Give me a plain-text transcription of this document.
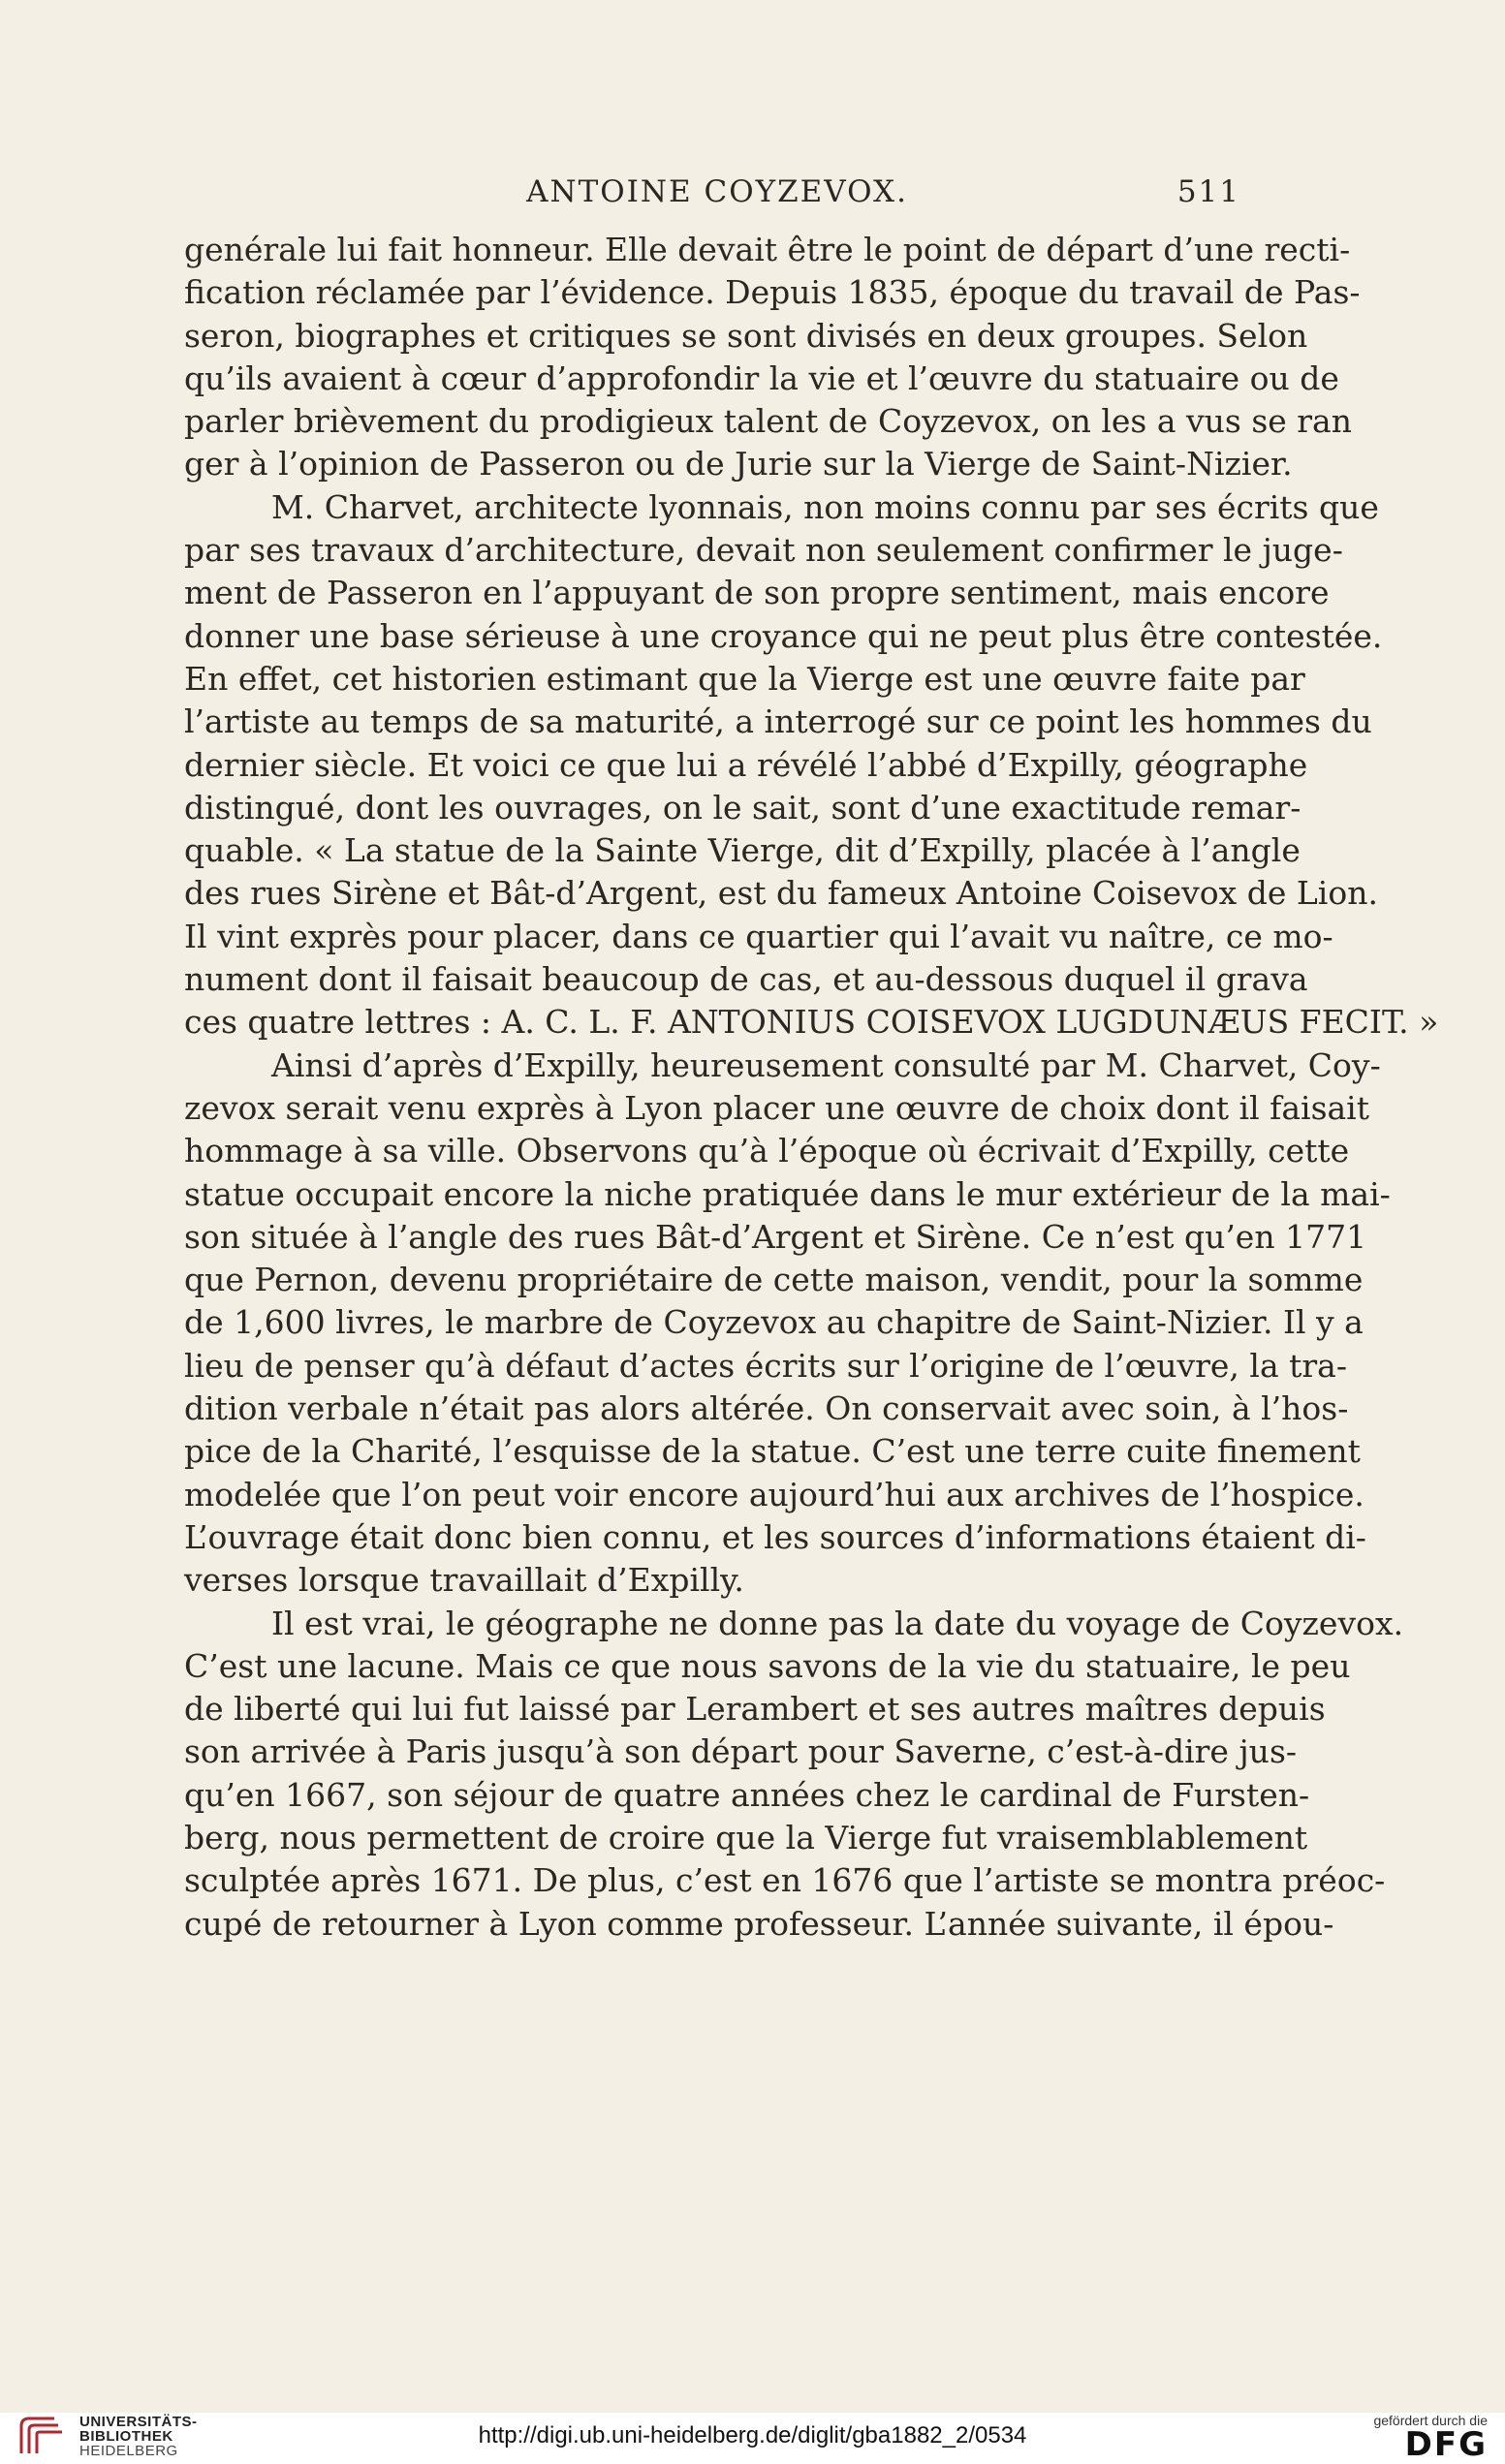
ANTOINE COYZEVOX.	511
genérale lui fait honneur. Elle devait être le point de départ d’une recti-
fication réclamée par l’évidence. Depuis 1835, époque du travail de Pas-
seron, biographes et critiques se sont divisés en deux groupes. Selon
qu’ils avaient à cœur d’approfondir la vie et l’œuvre du statuaire ou de
parler brièvement du prodigieux talent de Coyzevox, on les a vus se ran
ger à l’opinion de Passeron ou de Jurie sur la Vierge de Saint-Nizier.
M. Charvet, architecte lyonnais, non moins connu par ses écrits que
par ses travaux d’architecture, devait non seulement confirmer le juge-
ment de Passeron en l’appuyant de son propre sentiment, mais encore
donner une base sérieuse à une croyance qui ne peut plus être contestée.
En effet, cet historien estimant que la Vierge est une œuvre faite par
l’artiste au temps de sa maturité, a interrogé sur ce point les hommes du
dernier siècle. Et voici ce que lui a révélé l’abbé d’Expilly, géographe
distingué, dont les ouvrages, on le sait, sont d’une exactitude remar-
quable. « La statue de la Sainte Vierge, dit d’Expilly, placée à l’angle
des rues Sirène et Bât-d’Argent, est du fameux Antoine Coisevox de Lion.
Il vint exprès pour placer, dans ce quartier qui l’avait vu naître, ce mo-
nument dont il faisait beaucoup de cas, et au-dessous duquel il grava
ces quatre lettres : A. C. L. F. ANTONIUS COISEVOX LUGDUNÆUS FECIT. »
Ainsi d’après d’Expilly, heureusement consulté par M. Charvet, Coy-
zevox serait venu exprès à Lyon placer une œuvre de choix dont il faisait
hommage à sa ville. Observons qu’à l’époque où écrivait d’Expilly, cette
statue occupait encore la niche pratiquée dans le mur extérieur de la mai-
son située à l’angle des rues Bât-d’Argent et Sirène. Ce n’est qu’en 1771
que Pernon, devenu propriétaire de cette maison, vendit, pour la somme
de 1,600 livres, le marbre de Coyzevox au chapitre de Saint-Nizier. Il y a
lieu de penser qu’à défaut d’actes écrits sur l’origine de l’œuvre, la tra-
dition verbale n’était pas alors altérée. On conservait avec soin, à l’hos-
pice de la Charité, l’esquisse de la statue. C’est une terre cuite finement
modelée que l’on peut voir encore aujourd’hui aux archives de l’hospice.
L’ouvrage était donc bien connu, et les sources d’informations étaient di-
verses lorsque travaillait d’Expilly.
Il est vrai, le géographe ne donne pas la date du voyage de Coyzevox.
C’est une lacune. Mais ce que nous savons de la vie du statuaire, le peu
de liberté qui lui fut laissé par Lerambert et ses autres maîtres depuis
son arrivée à Paris jusqu’à son départ pour Saverne, c’est-à-dire jus-
qu’en 1667, son séjour de quatre années chez le cardinal de Fursten-
berg, nous permettent de croire que la Vierge fut vraisemblablement
sculptée après 1671. De plus, c’est en 1676 que l’artiste se montra préoc-
cupé de retourner à Lyon comme professeur. L’année suivante, il épou-
UNIVERSITÄTS-
BIBLIOTHEK
HEIDELBERG
http://digi.ub.uni-heidelberg.de/diglit/gba1882_2/0534
gefördert durch die
DFG
